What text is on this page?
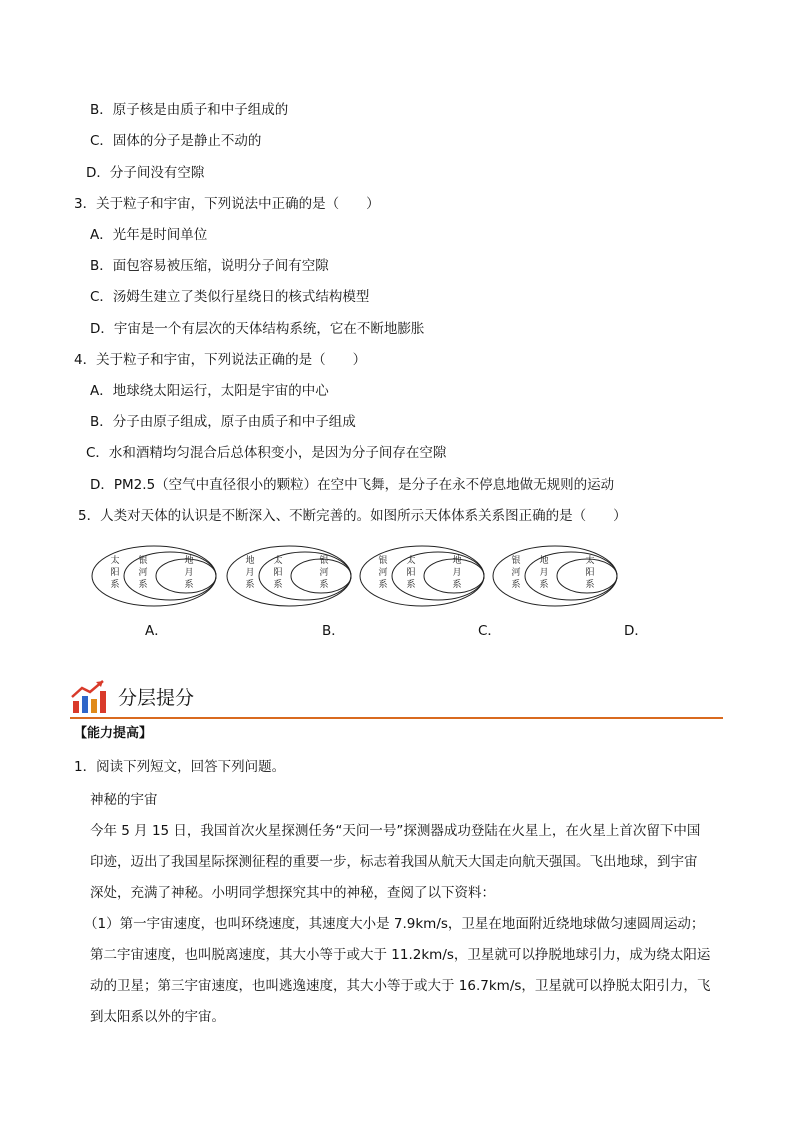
B．原子核是由质子和中子组成的
C．固体的分子是静止不动的
D．分子间没有空隙
3．关于粒子和宇宙，下列说法中正确的是（　　）
A．光年是时间单位
B．面包容易被压缩，说明分子间有空隙
C．汤姆生建立了类似行星绕日的核式结构模型
D．宇宙是一个有层次的天体结构系统，它在不断地膨胀
4．关于粒子和宇宙，下列说法正确的是（　　）
A．地球绕太阳运行，太阳是宇宙的中心
B．分子由原子组成，原子由质子和中子组成
C．水和酒精均匀混合后总体积变小，是因为分子间存在空隙
D．PM2.5（空气中直径很小的颗粒）在空中飞舞，是分子在永不停息地做无规则的运动
5．人类对天体的认识是不断深入、不断完善的。如图所示天体体系关系图正确的是（　　）
太阳系
银河系
地月系
地月系
太阳系
银河系
银河系
太阳系
地月系
银河系
地月系
太阳系
A．	B．	C．	D．
分层提分
【能力提高】
1．阅读下列短文，回答下列问题。
神秘的宇宙
今年 5 月 15 日，我国首次火星探测任务“天问一号”探测器成功登陆在火星上，在火星上首次留下中国
印迹，迈出了我国星际探测征程的重要一步，标志着我国从航天大国走向航天强国。飞出地球，到宇宙
深处，充满了神秘。小明同学想探究其中的神秘，查阅了以下资料：
（1）第一宇宙速度，也叫环绕速度，其速度大小是 7.9km/s，卫星在地面附近绕地球做匀速圆周运动；
第二宇宙速度，也叫脱离速度，其大小等于或大于 11.2km/s，卫星就可以挣脱地球引力，成为绕太阳运
动的卫星；第三宇宙速度，也叫逃逸速度，其大小等于或大于 16.7km/s，卫星就可以挣脱太阳引力，飞
到太阳系以外的宇宙。
